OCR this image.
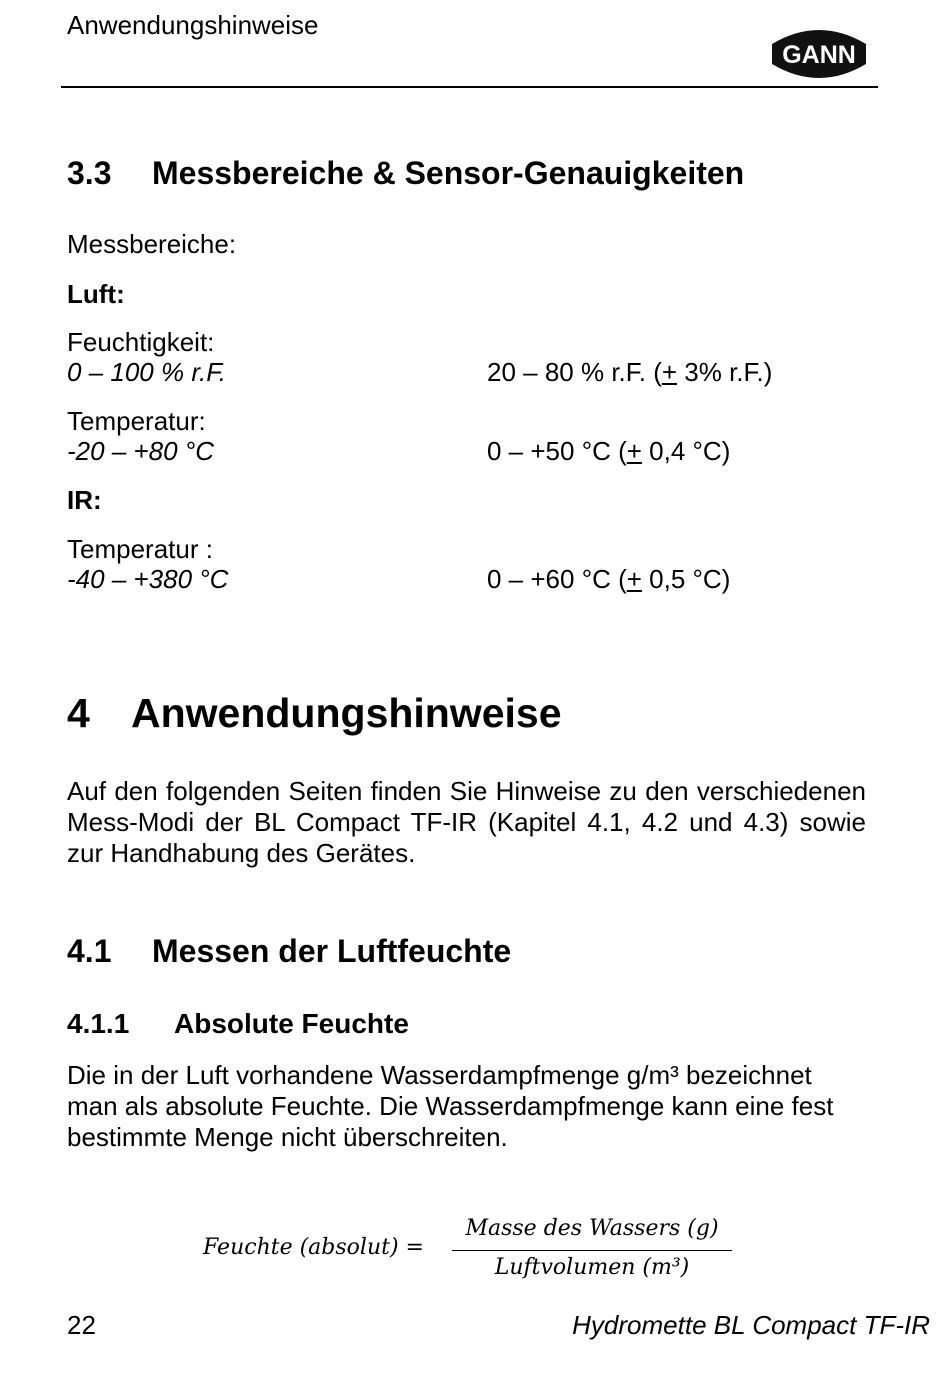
Anwendungshinweise
GANN
3.3 Messbereiche & Sensor-Genauigkeiten
Messbereiche:
Luft:
Feuchtigkeit:
0 – 100 % r.F.	20 – 80 % r.F. (+ 3% r.F.)
Temperatur:
-20 – +80 °C	0 – +50 °C (+ 0,4 °C)
IR:
Temperatur :
-40 – +380 °C	0 – +60 °C (+ 0,5 °C)
4 Anwendungshinweise
Auf den folgenden Seiten finden Sie Hinweise zu den verschiedenen Mess-Modi der BL Compact TF-IR (Kapitel 4.1, 4.2 und 4.3) sowie zur Handhabung des Gerätes.
4.1 Messen der Luftfeuchte
4.1.1 Absolute Feuchte
Die in der Luft vorhandene Wasserdampfmenge g/m³ bezeichnet man als absolute Feuchte. Die Wasserdampfmenge kann eine fest bestimmte Menge nicht überschreiten.
Feuchte (absolut) =
Masse des Wassers (g)
Luftvolumen (m³)
22	Hydromette BL Compact TF-IR
